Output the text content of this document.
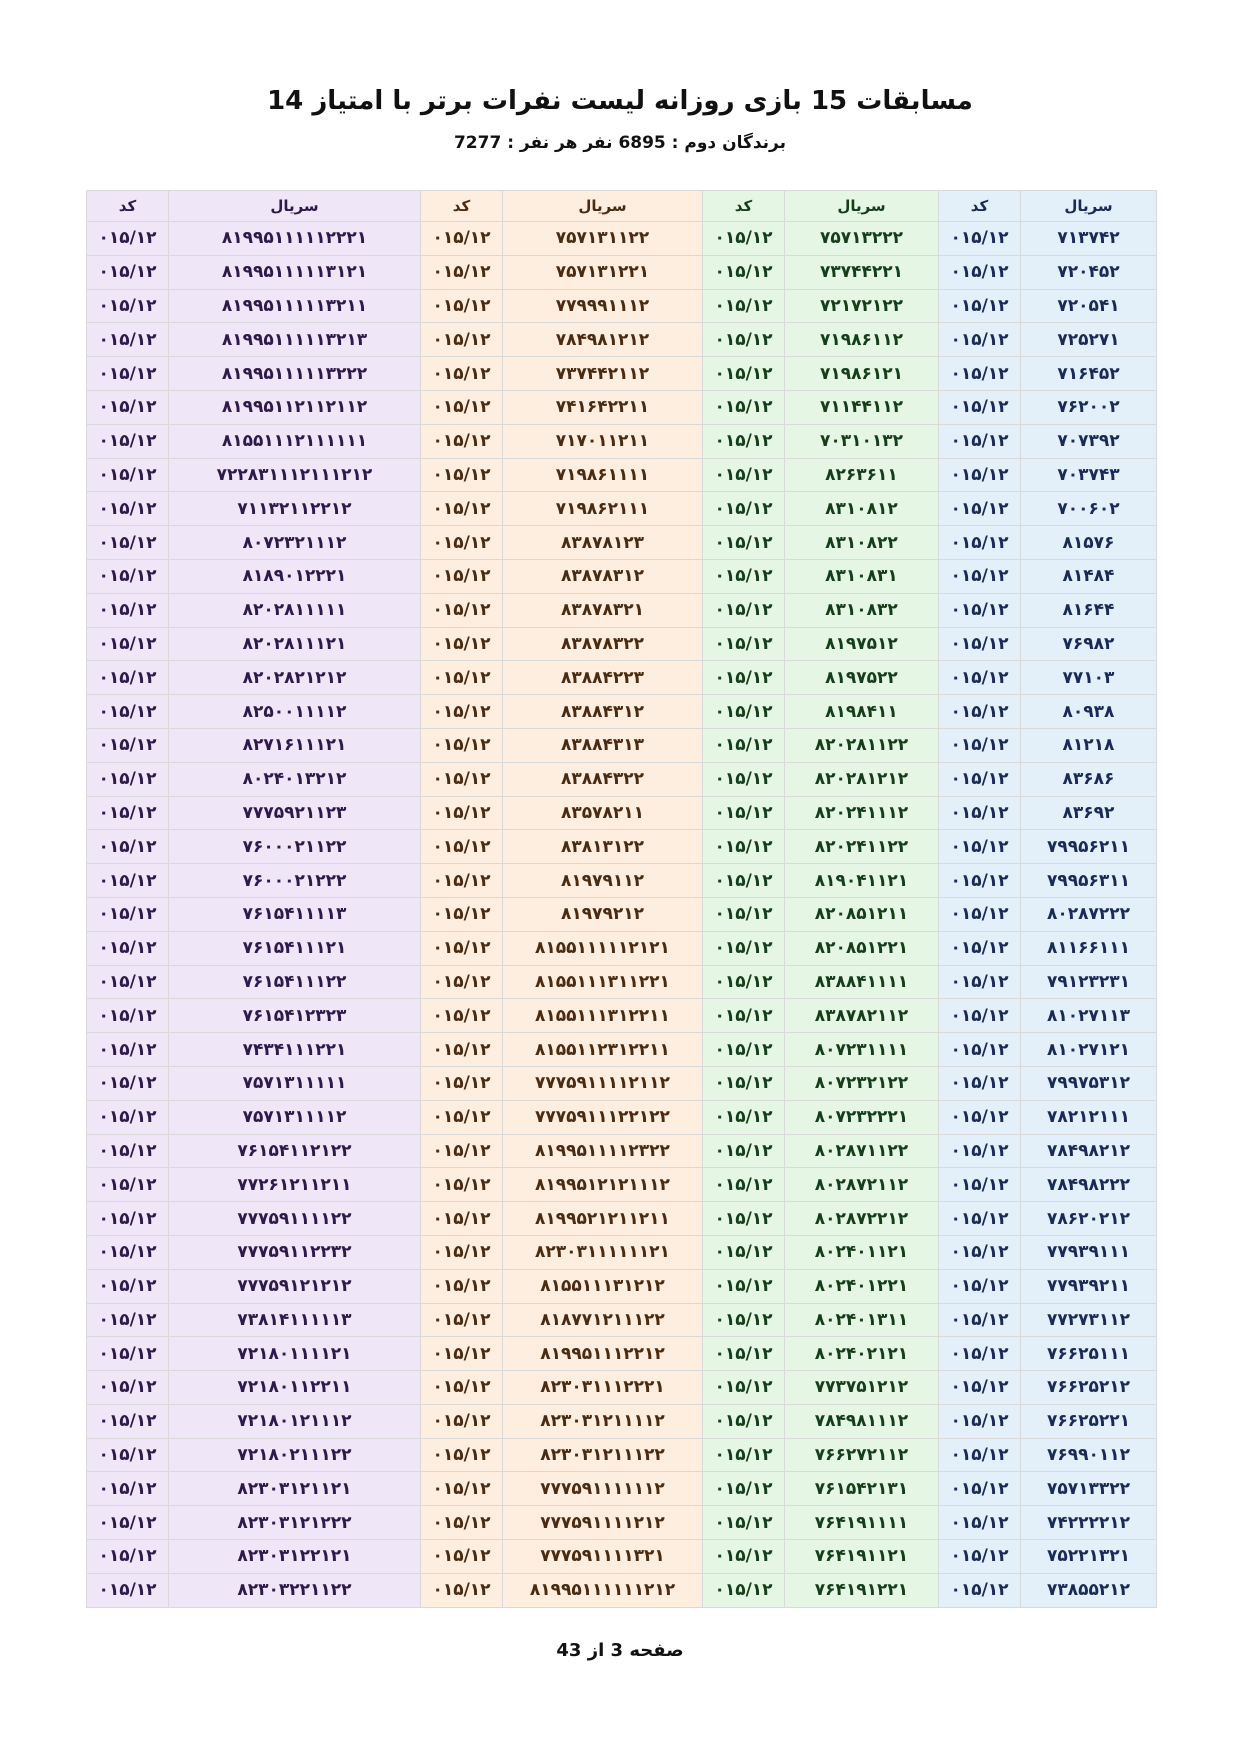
مسابقات 15 بازی روزانه لیست نفرات برتر با امتیاز 14
برندگان دوم : 6895 نفر هر نفر : 7277
سریال	کد	سریال	کد	سریال	کد	سریال	کد
۷۱۳۷۴۲	۰۱۵/۱۲	۷۵۷۱۳۲۲۲	۰۱۵/۱۲	۷۵۷۱۳۱۱۲۲	۰۱۵/۱۲	۸۱۹۹۵۱۱۱۱۱۲۲۲۱	۰۱۵/۱۲
۷۲۰۴۵۲	۰۱۵/۱۲	۷۳۷۴۴۲۲۱	۰۱۵/۱۲	۷۵۷۱۳۱۲۲۱	۰۱۵/۱۲	۸۱۹۹۵۱۱۱۱۱۳۱۲۱	۰۱۵/۱۲
۷۲۰۵۴۱	۰۱۵/۱۲	۷۲۱۷۲۱۲۲	۰۱۵/۱۲	۷۷۹۹۹۱۱۱۲	۰۱۵/۱۲	۸۱۹۹۵۱۱۱۱۱۳۲۱۱	۰۱۵/۱۲
۷۲۵۲۷۱	۰۱۵/۱۲	۷۱۹۸۶۱۱۲	۰۱۵/۱۲	۷۸۴۹۸۱۲۱۲	۰۱۵/۱۲	۸۱۹۹۵۱۱۱۱۱۳۲۱۳	۰۱۵/۱۲
۷۱۶۴۵۲	۰۱۵/۱۲	۷۱۹۸۶۱۲۱	۰۱۵/۱۲	۷۳۷۴۴۲۱۱۲	۰۱۵/۱۲	۸۱۹۹۵۱۱۱۱۱۳۲۲۲	۰۱۵/۱۲
۷۶۲۰۰۲	۰۱۵/۱۲	۷۱۱۴۴۱۱۲	۰۱۵/۱۲	۷۴۱۶۴۲۲۱۱	۰۱۵/۱۲	۸۱۹۹۵۱۱۲۱۱۲۱۱۲	۰۱۵/۱۲
۷۰۷۳۹۲	۰۱۵/۱۲	۷۰۳۱۰۱۳۲	۰۱۵/۱۲	۷۱۷۰۱۱۲۱۱	۰۱۵/۱۲	۸۱۵۵۱۱۱۲۱۱۱۱۱۱	۰۱۵/۱۲
۷۰۳۷۴۳	۰۱۵/۱۲	۸۲۶۳۶۱۱	۰۱۵/۱۲	۷۱۹۸۶۱۱۱۱	۰۱۵/۱۲	۷۲۲۸۳۱۱۱۲۱۱۱۲۱۲	۰۱۵/۱۲
۷۰۰۶۰۲	۰۱۵/۱۲	۸۳۱۰۸۱۲	۰۱۵/۱۲	۷۱۹۸۶۲۱۱۱	۰۱۵/۱۲	۷۱۱۳۲۱۱۲۲۱۲	۰۱۵/۱۲
۸۱۵۷۶	۰۱۵/۱۲	۸۳۱۰۸۲۲	۰۱۵/۱۲	۸۳۸۷۸۱۲۳	۰۱۵/۱۲	۸۰۷۲۳۲۱۱۱۲	۰۱۵/۱۲
۸۱۴۸۴	۰۱۵/۱۲	۸۳۱۰۸۳۱	۰۱۵/۱۲	۸۳۸۷۸۳۱۲	۰۱۵/۱۲	۸۱۸۹۰۱۲۲۲۱	۰۱۵/۱۲
۸۱۶۴۴	۰۱۵/۱۲	۸۳۱۰۸۳۲	۰۱۵/۱۲	۸۳۸۷۸۳۲۱	۰۱۵/۱۲	۸۲۰۲۸۱۱۱۱۱	۰۱۵/۱۲
۷۶۹۸۲	۰۱۵/۱۲	۸۱۹۷۵۱۲	۰۱۵/۱۲	۸۳۸۷۸۳۲۲	۰۱۵/۱۲	۸۲۰۲۸۱۱۱۲۱	۰۱۵/۱۲
۷۷۱۰۳	۰۱۵/۱۲	۸۱۹۷۵۲۲	۰۱۵/۱۲	۸۳۸۸۴۲۲۳	۰۱۵/۱۲	۸۲۰۲۸۲۱۲۱۲	۰۱۵/۱۲
۸۰۹۳۸	۰۱۵/۱۲	۸۱۹۸۴۱۱	۰۱۵/۱۲	۸۳۸۸۴۳۱۲	۰۱۵/۱۲	۸۲۵۰۰۱۱۱۱۲	۰۱۵/۱۲
۸۱۲۱۸	۰۱۵/۱۲	۸۲۰۲۸۱۱۲۲	۰۱۵/۱۲	۸۳۸۸۴۳۱۳	۰۱۵/۱۲	۸۲۷۱۶۱۱۱۲۱	۰۱۵/۱۲
۸۳۶۸۶	۰۱۵/۱۲	۸۲۰۲۸۱۲۱۲	۰۱۵/۱۲	۸۳۸۸۴۳۲۲	۰۱۵/۱۲	۸۰۲۴۰۱۳۲۱۲	۰۱۵/۱۲
۸۳۶۹۲	۰۱۵/۱۲	۸۲۰۲۴۱۱۱۲	۰۱۵/۱۲	۸۳۵۷۸۲۱۱	۰۱۵/۱۲	۷۷۷۵۹۲۱۱۲۳	۰۱۵/۱۲
۷۹۹۵۶۲۱۱	۰۱۵/۱۲	۸۲۰۲۴۱۱۲۲	۰۱۵/۱۲	۸۳۸۱۳۱۲۲	۰۱۵/۱۲	۷۶۰۰۰۲۱۱۲۲	۰۱۵/۱۲
۷۹۹۵۶۳۱۱	۰۱۵/۱۲	۸۱۹۰۴۱۱۲۱	۰۱۵/۱۲	۸۱۹۷۹۱۱۲	۰۱۵/۱۲	۷۶۰۰۰۲۱۲۲۲	۰۱۵/۱۲
۸۰۲۸۷۲۲۲	۰۱۵/۱۲	۸۲۰۸۵۱۲۱۱	۰۱۵/۱۲	۸۱۹۷۹۲۱۲	۰۱۵/۱۲	۷۶۱۵۴۱۱۱۱۳	۰۱۵/۱۲
۸۱۱۶۶۱۱۱	۰۱۵/۱۲	۸۲۰۸۵۱۲۲۱	۰۱۵/۱۲	۸۱۵۵۱۱۱۱۱۲۱۲۱	۰۱۵/۱۲	۷۶۱۵۴۱۱۱۲۱	۰۱۵/۱۲
۷۹۱۲۳۲۳۱	۰۱۵/۱۲	۸۳۸۸۴۱۱۱۱	۰۱۵/۱۲	۸۱۵۵۱۱۱۳۱۱۲۲۱	۰۱۵/۱۲	۷۶۱۵۴۱۱۱۲۲	۰۱۵/۱۲
۸۱۰۲۷۱۱۳	۰۱۵/۱۲	۸۳۸۷۸۲۱۱۲	۰۱۵/۱۲	۸۱۵۵۱۱۱۳۱۲۲۱۱	۰۱۵/۱۲	۷۶۱۵۴۱۲۳۲۳	۰۱۵/۱۲
۸۱۰۲۷۱۲۱	۰۱۵/۱۲	۸۰۷۲۳۱۱۱۱	۰۱۵/۱۲	۸۱۵۵۱۱۲۳۱۲۲۱۱	۰۱۵/۱۲	۷۴۳۴۱۱۱۲۲۱	۰۱۵/۱۲
۷۹۹۷۵۳۱۲	۰۱۵/۱۲	۸۰۷۲۳۲۱۲۲	۰۱۵/۱۲	۷۷۷۵۹۱۱۱۱۲۱۱۲	۰۱۵/۱۲	۷۵۷۱۳۱۱۱۱۱	۰۱۵/۱۲
۷۸۲۱۲۱۱۱	۰۱۵/۱۲	۸۰۷۲۳۲۲۲۱	۰۱۵/۱۲	۷۷۷۵۹۱۱۱۲۲۱۲۲	۰۱۵/۱۲	۷۵۷۱۳۱۱۱۱۲	۰۱۵/۱۲
۷۸۴۹۸۲۱۲	۰۱۵/۱۲	۸۰۲۸۷۱۱۲۲	۰۱۵/۱۲	۸۱۹۹۵۱۱۱۱۲۳۲۲	۰۱۵/۱۲	۷۶۱۵۴۱۱۲۱۲۲	۰۱۵/۱۲
۷۸۴۹۸۲۲۲	۰۱۵/۱۲	۸۰۲۸۷۲۱۱۲	۰۱۵/۱۲	۸۱۹۹۵۱۲۱۲۱۱۱۲	۰۱۵/۱۲	۷۷۲۶۱۲۱۱۲۱۱	۰۱۵/۱۲
۷۸۶۲۰۲۱۲	۰۱۵/۱۲	۸۰۲۸۷۲۲۱۲	۰۱۵/۱۲	۸۱۹۹۵۲۱۲۱۱۲۱۱	۰۱۵/۱۲	۷۷۷۵۹۱۱۱۱۲۲	۰۱۵/۱۲
۷۷۹۳۹۱۱۱	۰۱۵/۱۲	۸۰۲۴۰۱۱۲۱	۰۱۵/۱۲	۸۲۳۰۳۱۱۱۱۱۱۲۱	۰۱۵/۱۲	۷۷۷۵۹۱۱۲۲۳۲	۰۱۵/۱۲
۷۷۹۳۹۲۱۱	۰۱۵/۱۲	۸۰۲۴۰۱۲۲۱	۰۱۵/۱۲	۸۱۵۵۱۱۱۳۱۲۱۲	۰۱۵/۱۲	۷۷۷۵۹۱۲۱۲۱۲	۰۱۵/۱۲
۷۷۲۷۳۱۱۲	۰۱۵/۱۲	۸۰۲۴۰۱۳۱۱	۰۱۵/۱۲	۸۱۸۷۷۱۲۱۱۱۲۲	۰۱۵/۱۲	۷۳۸۱۴۱۱۱۱۱۳	۰۱۵/۱۲
۷۶۶۲۵۱۱۱	۰۱۵/۱۲	۸۰۲۴۰۲۱۲۱	۰۱۵/۱۲	۸۱۹۹۵۱۱۱۲۲۱۲	۰۱۵/۱۲	۷۲۱۸۰۱۱۱۱۲۱	۰۱۵/۱۲
۷۶۶۲۵۲۱۲	۰۱۵/۱۲	۷۷۳۷۵۱۲۱۲	۰۱۵/۱۲	۸۲۳۰۳۱۱۱۲۲۲۱	۰۱۵/۱۲	۷۲۱۸۰۱۱۲۲۱۱	۰۱۵/۱۲
۷۶۶۲۵۲۲۱	۰۱۵/۱۲	۷۸۴۹۸۱۱۱۲	۰۱۵/۱۲	۸۲۳۰۳۱۲۱۱۱۱۲	۰۱۵/۱۲	۷۲۱۸۰۱۲۱۱۱۲	۰۱۵/۱۲
۷۶۹۹۰۱۱۲	۰۱۵/۱۲	۷۶۶۲۷۲۱۱۲	۰۱۵/۱۲	۸۲۳۰۳۱۲۱۱۱۲۲	۰۱۵/۱۲	۷۲۱۸۰۲۱۱۱۲۲	۰۱۵/۱۲
۷۵۷۱۳۳۲۲	۰۱۵/۱۲	۷۶۱۵۴۲۱۳۱	۰۱۵/۱۲	۷۷۷۵۹۱۱۱۱۱۱۲	۰۱۵/۱۲	۸۲۳۰۳۱۲۱۱۲۱	۰۱۵/۱۲
۷۴۲۲۲۲۱۲	۰۱۵/۱۲	۷۶۴۱۹۱۱۱۱	۰۱۵/۱۲	۷۷۷۵۹۱۱۱۱۲۱۲	۰۱۵/۱۲	۸۲۳۰۳۱۲۱۲۲۲	۰۱۵/۱۲
۷۵۲۲۱۳۲۱	۰۱۵/۱۲	۷۶۴۱۹۱۱۲۱	۰۱۵/۱۲	۷۷۷۵۹۱۱۱۱۳۲۱	۰۱۵/۱۲	۸۲۳۰۳۱۲۲۱۲۱	۰۱۵/۱۲
۷۳۸۵۵۲۱۲	۰۱۵/۱۲	۷۶۴۱۹۱۲۲۱	۰۱۵/۱۲	۸۱۹۹۵۱۱۱۱۱۱۲۱۲	۰۱۵/۱۲	۸۲۳۰۳۲۲۱۱۲۲	۰۱۵/۱۲
صفحه 3 از 43
